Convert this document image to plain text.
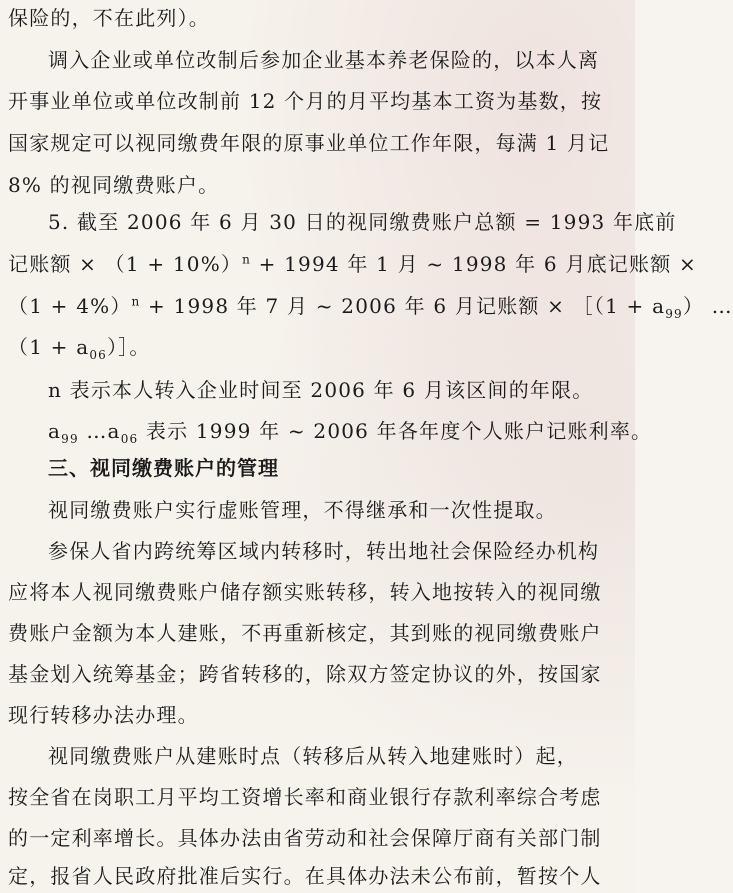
保险的，不在此列）。
调入企业或单位改制后参加企业基本养老保险的，以本人离
开事业单位或单位改制前 12 个月的月平均基本工资为基数，按
国家规定可以视同缴费年限的原事业单位工作年限，每满 1 月记
8% 的视同缴费账户。
5. 截至 2006 年 6 月 30 日的视同缴费账户总额 = 1993 年底前
记账额 × $(1 + 10\%)^n + 1994$ 年 1 月 ~ 1998 年 6 月底记账额 ×
$(1 + 4\%)^n + 1998$ 年 7 月 ~ 2006 年 6 月记账额 × ［（1 + $a_{99}$） …
$(1 + a_{06})]$。
n 表示本人转入企业时间至 2006 年 6 月该区间的年限。
$a_{99}$ $\dots a_{06}$ 表示 1999 年 ~ 2006 年各年度个人账户记账利率。
三、视同缴费账户的管理
视同缴费账户实行虚账管理，不得继承和一次性提取。
参保人省内跨统筹区域内转移时，转出地社会保险经办机构
应将本人视同缴费账户储存额实账转移，转入地按转入的视同缴
费账户金额为本人建账，不再重新核定，其到账的视同缴费账户
基金划入统筹基金；跨省转移的，除双方签定协议的外，按国家
现行转移办法办理。
视同缴费账户从建账时点（转移后从转入地建账时）起，
按全省在岗职工月平均工资增长率和商业银行存款利率综合考虑
的一定利率增长。具体办法由省劳动和社会保障厅商有关部门制
定，报省人民政府批准后实行。在具体办法未公布前，暂按个人
